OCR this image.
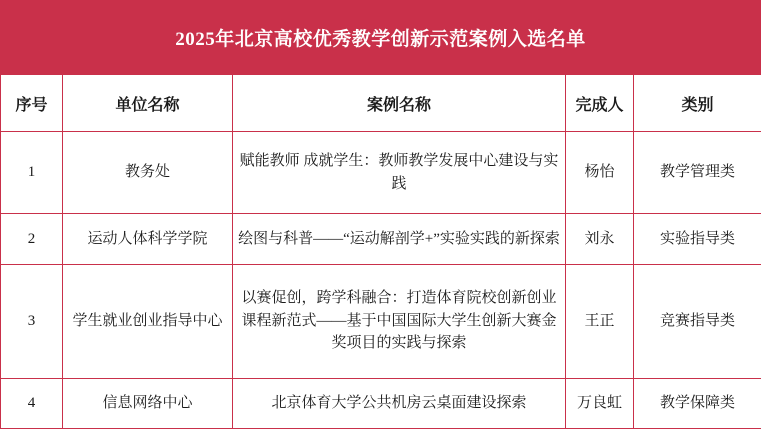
2025年北京高校优秀教学创新示范案例入选名单
序号	单位名称	案例名称	完成人	类别
1	教务处	赋能教师 成就学生：教师教学发展中心建设与实践	杨怡	教学管理类
2	运动人体科学学院	绘图与科普——“运动解剖学+”实验实践的新探索	刘永	实验指导类
3	学生就业创业指导中心	以赛促创，跨学科融合：打造体育院校创新创业课程新范式——基于中国国际大学生创新大赛金奖项目的实践与探索	王正	竞赛指导类
4	信息网络中心	北京体育大学公共机房云桌面建设探索	万良虹	教学保障类
